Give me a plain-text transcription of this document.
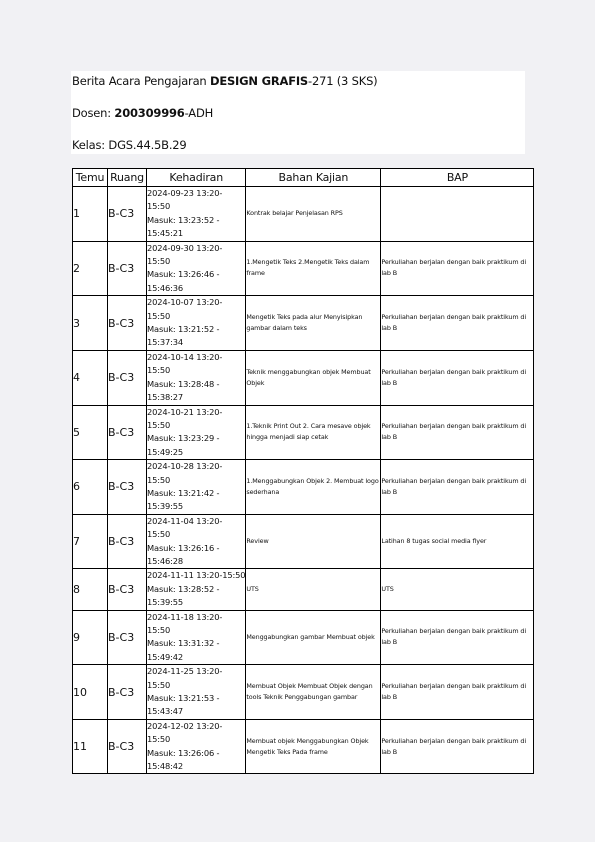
Berita Acara Pengajaran DESIGN GRAFIS-271 (3 SKS)
Dosen: 200309996-ADH
Kelas: DGS.44.5B.29
Temu	Ruang	Kehadiran	Bahan Kajian	BAP
1	B-C3	2024-09-23 13:20-
15:50
Masuk: 13:23:52 -
15:45:21	Kontrak belajar Penjelasan RPS	
2	B-C3	2024-09-30 13:20-
15:50
Masuk: 13:26:46 -
15:46:36	1.Mengetik Teks 2.Mengetik Teks dalam frame	Perkuliahan berjalan dengan baik praktikum di lab B
3	B-C3	2024-10-07 13:20-
15:50
Masuk: 13:21:52 -
15:37:34	Mengetik Teks pada alur Menyisipkan gambar dalam teks	Perkuliahan berjalan dengan baik praktikum di lab B
4	B-C3	2024-10-14 13:20-
15:50
Masuk: 13:28:48 -
15:38:27	Teknik menggabungkan objek Membuat Objek	Perkuliahan berjalan dengan baik praktikum di lab B
5	B-C3	2024-10-21 13:20-
15:50
Masuk: 13:23:29 -
15:49:25	1.Teknik Print Out 2. Cara mesave objek hingga menjadi siap cetak	Perkuliahan berjalan dengan baik praktikum di lab B
6	B-C3	2024-10-28 13:20-
15:50
Masuk: 13:21:42 -
15:39:55	1.Menggabungkan Objek 2. Membuat logo sederhana	Perkuliahan berjalan dengan baik praktikum di lab B
7	B-C3	2024-11-04 13:20-
15:50
Masuk: 13:26:16 -
15:46:28	Review	Latihan 8 tugas social media flyer
8	B-C3	2024-11-11 13:20-15:50
Masuk: 13:28:52 -
15:39:55	UTS	UTS
9	B-C3	2024-11-18 13:20-
15:50
Masuk: 13:31:32 -
15:49:42	Menggabungkan gambar Membuat objek	Perkuliahan berjalan dengan baik praktikum di lab B
10	B-C3	2024-11-25 13:20-
15:50
Masuk: 13:21:53 -
15:43:47	Membuat Objek Membuat Objek dengan tools Teknik Penggabungan gambar	Perkuliahan berjalan dengan baik praktikum di lab B
11	B-C3	2024-12-02 13:20-
15:50
Masuk: 13:26:06 -
15:48:42	Membuat objek Menggabungkan Objek Mengetik Teks Pada frame	Perkuliahan berjalan dengan baik praktikum di lab B
